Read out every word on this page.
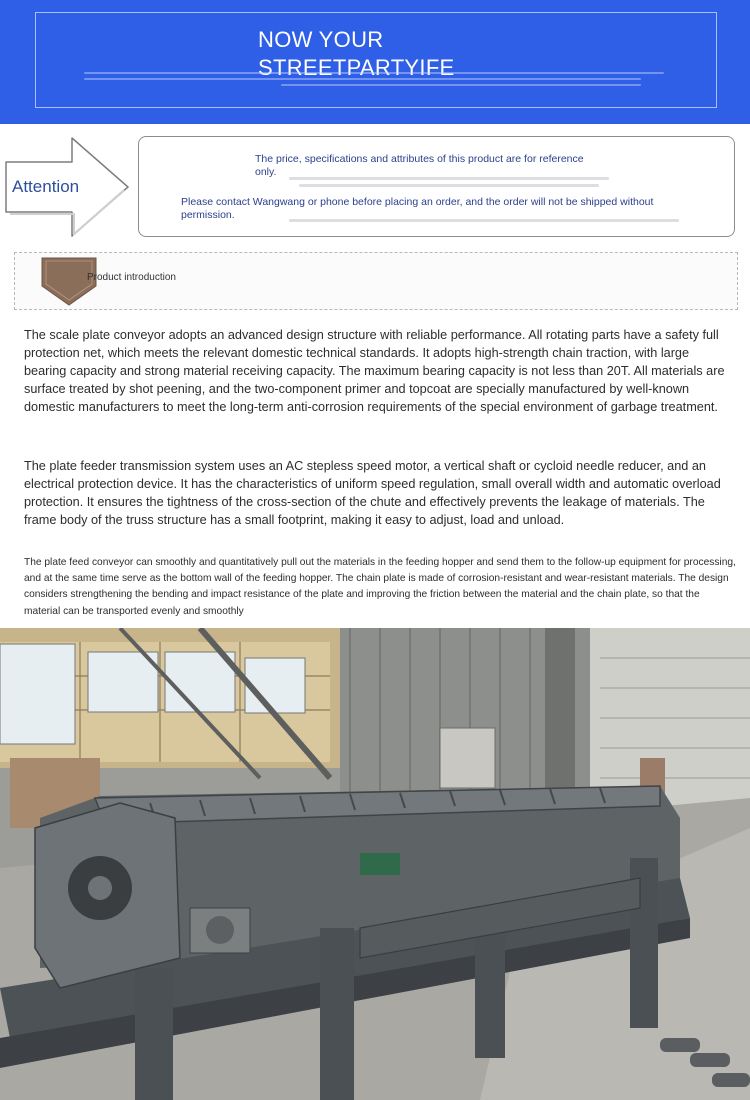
NOW YOUR
STREETPARTYIFE
Attention
The price, specifications and attributes of this product are for reference only.
Please contact Wangwang or phone before placing an order, and the order will not be shipped without permission.
Product introduction

The scale plate conveyor adopts an advanced design structure with reliable performance. All rotating parts have a safety full protection net, which meets the relevant domestic technical standards. It adopts high-strength chain traction, with large bearing capacity and strong material receiving capacity. The maximum bearing capacity is not less than 20T. All materials are surface treated by shot peening, and the two-component primer and topcoat are specially manufactured by well-known domestic manufacturers to meet the long-term anti-corrosion requirements of the special environment of garbage treatment.

The plate feeder transmission system uses an AC stepless speed motor, a vertical shaft or cycloid needle reducer, and an electrical protection device. It has the characteristics of uniform speed regulation, small overall width and automatic overload protection. It ensures the tightness of the cross-section of the chute and effectively prevents the leakage of materials. The frame body of the truss structure has a small footprint, making it easy to adjust, load and unload.

The plate feed conveyor can smoothly and quantitatively pull out the materials in the feeding hopper and send them to the follow-up equipment for processing, and at the same time serve as the bottom wall of the feeding hopper. The chain plate is made of corrosion-resistant and wear-resistant materials. The design considers strengthening the bending and impact resistance of the plate and improving the friction between the material and the chain plate, so that the material can be transported evenly and smoothly
